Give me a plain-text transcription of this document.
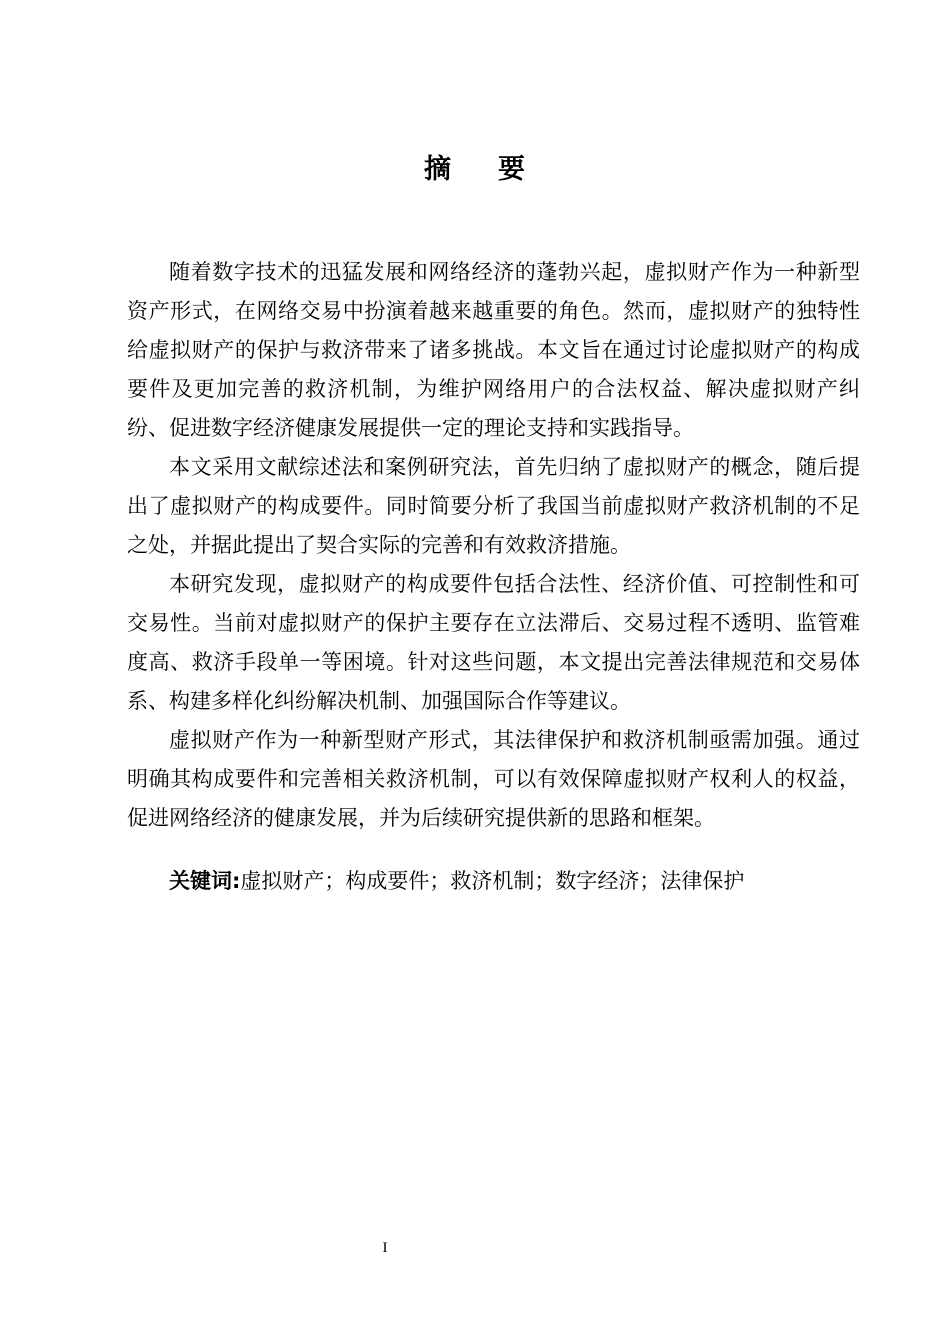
摘 要

随着数字技术的迅猛发展和网络经济的蓬勃兴起，虚拟财产作为一种新型资产形式，在网络交易中扮演着越来越重要的角色。然而，虚拟财产的独特性给虚拟财产的保护与救济带来了诸多挑战。本文旨在通过讨论虚拟财产的构成要件及更加完善的救济机制，为维护网络用户的合法权益、解决虚拟财产纠纷、促进数字经济健康发展提供一定的理论支持和实践指导。

本文采用文献综述法和案例研究法，首先归纳了虚拟财产的概念，随后提出了虚拟财产的构成要件。同时简要分析了我国当前虚拟财产救济机制的不足之处，并据此提出了契合实际的完善和有效救济措施。

本研究发现，虚拟财产的构成要件包括合法性、经济价值、可控制性和可交易性。当前对虚拟财产的保护主要存在立法滞后、交易过程不透明、监管难度高、救济手段单一等困境。针对这些问题，本文提出完善法律规范和交易体系、构建多样化纠纷解决机制、加强国际合作等建议。

虚拟财产作为一种新型财产形式，其法律保护和救济机制亟需加强。通过明确其构成要件和完善相关救济机制，可以有效保障虚拟财产权利人的权益，促进网络经济的健康发展，并为后续研究提供新的思路和框架。

关键词:虚拟财产；构成要件；救济机制；数字经济；法律保护

I
